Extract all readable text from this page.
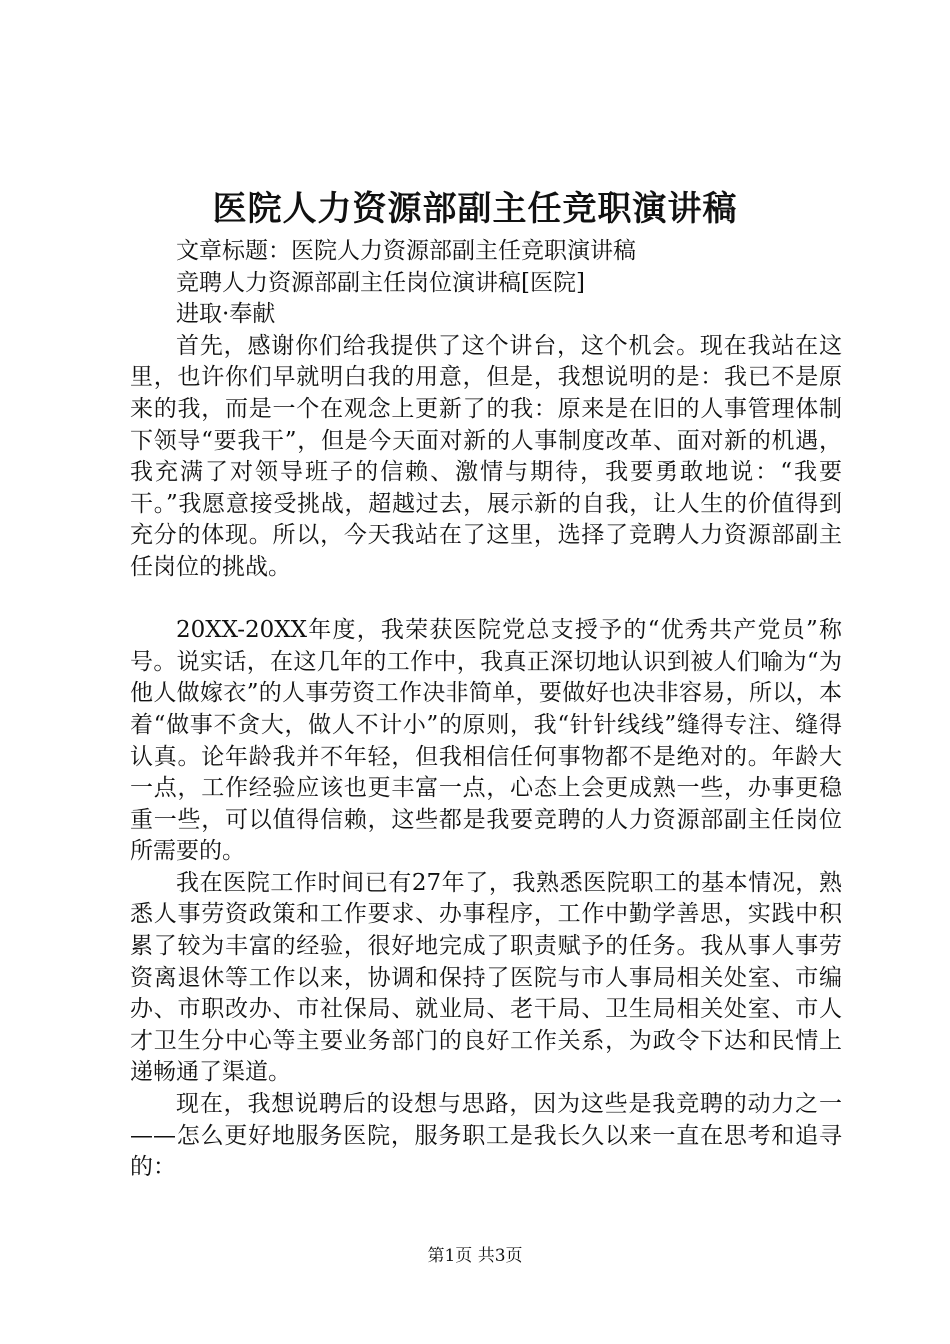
医院人力资源部副主任竞职演讲稿

文章标题：医院人力资源部副主任竞职演讲稿

竞聘人力资源部副主任岗位演讲稿[医院]

进取·奉献

首先，感谢你们给我提供了这个讲台，这个机会。现在我站在这里，也许你们早就明白我的用意，但是，我想说明的是：我已不是原来的我，而是一个在观念上更新了的我：原来是在旧的人事管理体制下领导“要我干”，但是今天面对新的人事制度改革、面对新的机遇，我充满了对领导班子的信赖、激情与期待，我要勇敢地说：“我要干。”我愿意接受挑战，超越过去，展示新的自我，让人生的价值得到充分的体现。所以，今天我站在了这里，选择了竞聘人力资源部副主任岗位的挑战。

20XX-20XX年度，我荣获医院党总支授予的“优秀共产党员”称号。说实话，在这几年的工作中，我真正深切地认识到被人们喻为“为他人做嫁衣”的人事劳资工作决非简单，要做好也决非容易，所以，本着“做事不贪大，做人不计小”的原则，我“针针线线”缝得专注、缝得认真。论年龄我并不年轻，但我相信任何事物都不是绝对的。年龄大一点，工作经验应该也更丰富一点，心态上会更成熟一些，办事更稳重一些，可以值得信赖，这些都是我要竞聘的人力资源部副主任岗位所需要的。

我在医院工作时间已有27年了，我熟悉医院职工的基本情况，熟悉人事劳资政策和工作要求、办事程序，工作中勤学善思，实践中积累了较为丰富的经验，很好地完成了职责赋予的任务。我从事人事劳资离退休等工作以来，协调和保持了医院与市人事局相关处室、市编办、市职改办、市社保局、就业局、老干局、卫生局相关处室、市人才卫生分中心等主要业务部门的良好工作关系，为政令下达和民情上递畅通了渠道。

现在，我想说聘后的设想与思路，因为这些是我竞聘的动力之一——怎么更好地服务医院，服务职工是我长久以来一直在思考和追寻的：

第1页 共3页
